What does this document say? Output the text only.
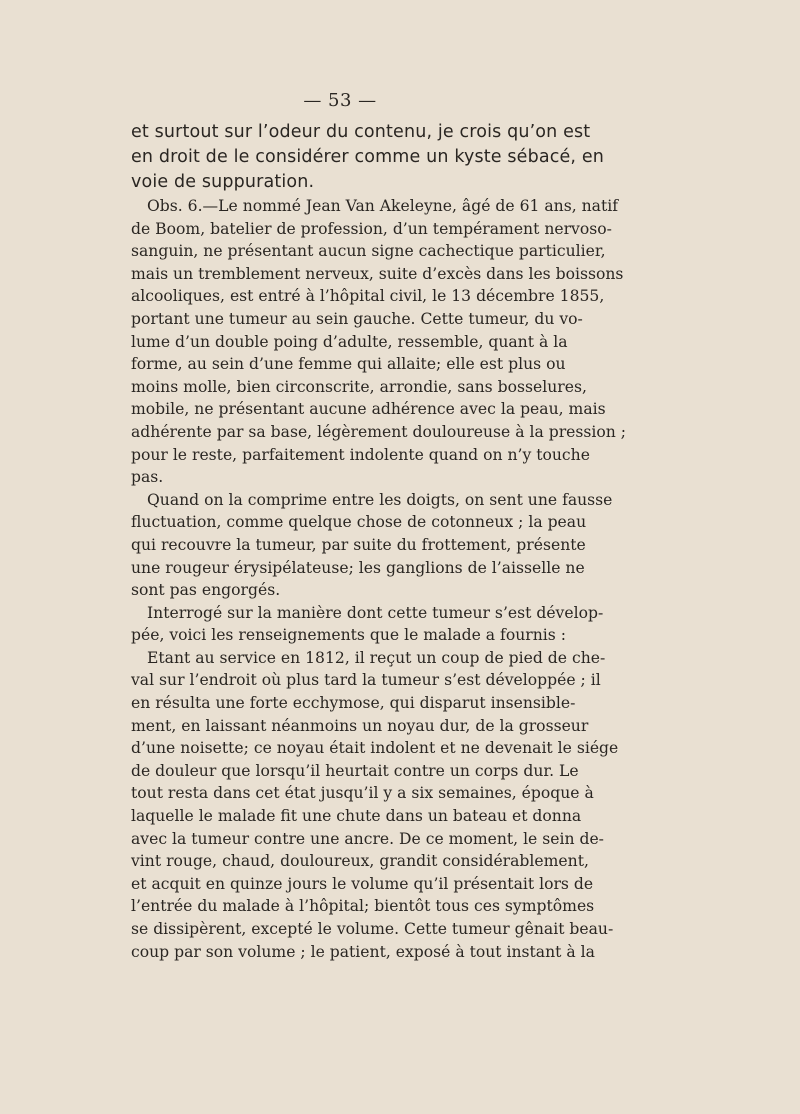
— 53 —
et surtout sur l’odeur du contenu, je crois qu’on est
en droit de le considérer comme un kyste sébacé, en
voie de suppuration.
Obs. 6.—Le nommé Jean Van Akeleyne, âgé de 61 ans, natif
de Boom, batelier de profession, d’un tempérament nervoso-
sanguin, ne présentant aucun signe cachectique particulier,
mais un tremblement nerveux, suite d’excès dans les boissons
alcooliques, est entré à l’hôpital civil, le 13 décembre 1855,
portant une tumeur au sein gauche. Cette tumeur, du vo-
lume d’un double poing d’adulte, ressemble, quant à la
forme, au sein d’une femme qui allaite; elle est plus ou
moins molle, bien circonscrite, arrondie, sans bosselures,
mobile, ne présentant aucune adhérence avec la peau, mais
adhérente par sa base, légèrement douloureuse à la pression ;
pour le reste, parfaitement indolente quand on n’y touche
pas.
Quand on la comprime entre les doigts, on sent une fausse
fluctuation, comme quelque chose de cotonneux ; la peau
qui recouvre la tumeur, par suite du frottement, présente
une rougeur érysipélateuse; les ganglions de l’aisselle ne
sont pas engorgés.
Interrogé sur la manière dont cette tumeur s’est dévelop-
pée, voici les renseignements que le malade a fournis :
Etant au service en 1812, il reçut un coup de pied de che-
val sur l’endroit où plus tard la tumeur s’est développée ; il
en résulta une forte ecchymose, qui disparut insensible-
ment, en laissant néanmoins un noyau dur, de la grosseur
d’une noisette; ce noyau était indolent et ne devenait le siége
de douleur que lorsqu’il heurtait contre un corps dur. Le
tout resta dans cet état jusqu’il y a six semaines, époque à
laquelle le malade fit une chute dans un bateau et donna
avec la tumeur contre une ancre. De ce moment, le sein de-
vint rouge, chaud, douloureux, grandit considérablement,
et acquit en quinze jours le volume qu’il présentait lors de
l’entrée du malade à l’hôpital; bientôt tous ces symptômes
se dissipèrent, excepté le volume. Cette tumeur gênait beau-
coup par son volume ; le patient, exposé à tout instant à la
